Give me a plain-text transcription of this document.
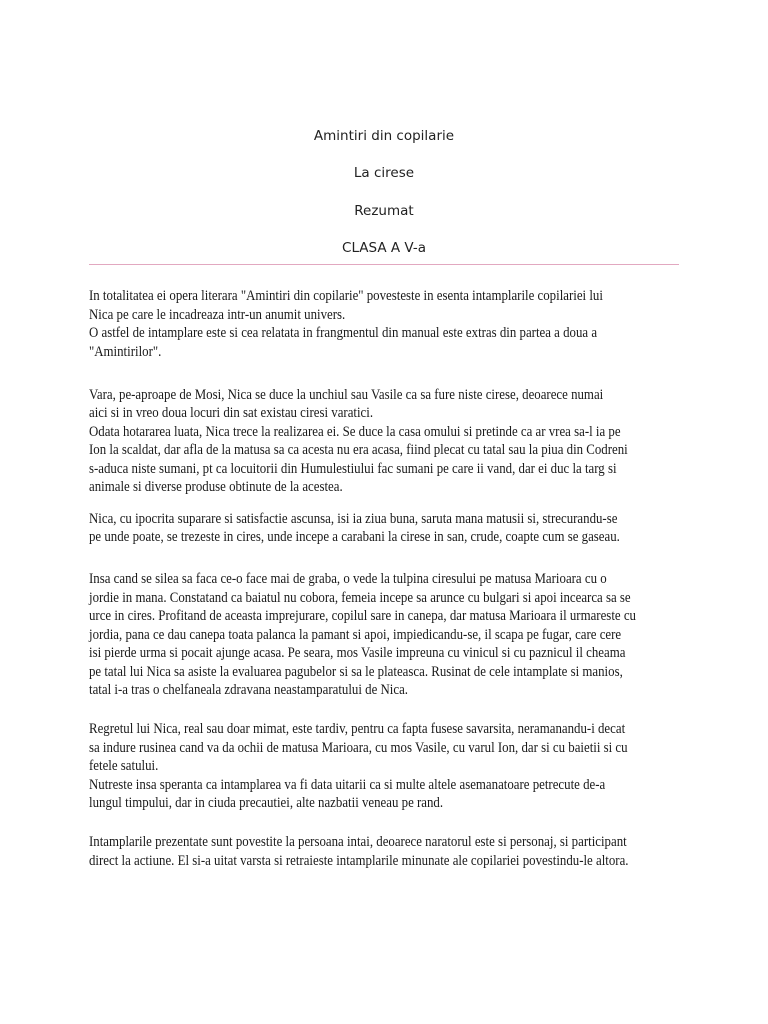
Amintiri din copilarie
La cirese
Rezumat
CLASA A V-a
In totalitatea ei opera literara "Amintiri din copilarie" povesteste in esenta intamplarile copilariei lui
Nica pe care le incadreaza intr-un anumit univers.
O astfel de intamplare este si cea relatata in frangmentul din manual este extras din partea a doua a
"Amintirilor".
Vara, pe-aproape de Mosi, Nica se duce la unchiul sau Vasile ca sa fure niste cirese, deoarece numai
aici si in vreo doua locuri din sat existau ciresi varatici.
Odata hotararea luata, Nica trece la realizarea ei. Se duce la casa omului si pretinde ca ar vrea sa-l ia pe
Ion la scaldat, dar afla de la matusa sa ca acesta nu era acasa, fiind plecat cu tatal sau la piua din Codreni
s-aduca niste sumani, pt ca locuitorii din Humulestiului fac sumani pe care ii vand, dar ei duc la targ si
animale si diverse produse obtinute de la acestea.
Nica, cu ipocrita suparare si satisfactie ascunsa, isi ia ziua buna, saruta mana matusii si, strecurandu-se
pe unde poate, se trezeste in cires, unde incepe a carabani la cirese in san, crude, coapte cum se gaseau.
Insa cand se silea sa faca ce-o face mai de graba, o vede la tulpina ciresului pe matusa Marioara cu o
jordie in mana. Constatand ca baiatul nu cobora, femeia incepe sa arunce cu bulgari si apoi incearca sa se
urce in cires. Profitand de aceasta imprejurare, copilul sare in canepa, dar matusa Marioara il urmareste cu
jordia, pana ce dau canepa toata palanca la pamant si apoi, impiedicandu-se, il scapa pe fugar, care cere
isi pierde urma si pocait ajunge acasa. Pe seara, mos Vasile impreuna cu vinicul si cu paznicul il cheama
pe tatal lui Nica sa asiste la evaluarea pagubelor si sa le plateasca. Rusinat de cele intamplate si manios,
tatal i-a tras o chelfaneala zdravana neastamparatului de Nica.
Regretul lui Nica, real sau doar mimat, este tardiv, pentru ca fapta fusese savarsita, neramanandu-i decat
sa indure rusinea cand va da ochii de matusa Marioara, cu mos Vasile, cu varul Ion, dar si cu baietii si cu
fetele satului.
Nutreste insa speranta ca intamplarea va fi data uitarii ca si multe altele asemanatoare petrecute de-a
lungul timpului, dar in ciuda precautiei, alte nazbatii veneau pe rand.
Intamplarile prezentate sunt povestite la persoana intai, deoarece naratorul este si personaj, si participant
direct la actiune. El si-a uitat varsta si retraieste intamplarile minunate ale copilariei povestindu-le altora.
